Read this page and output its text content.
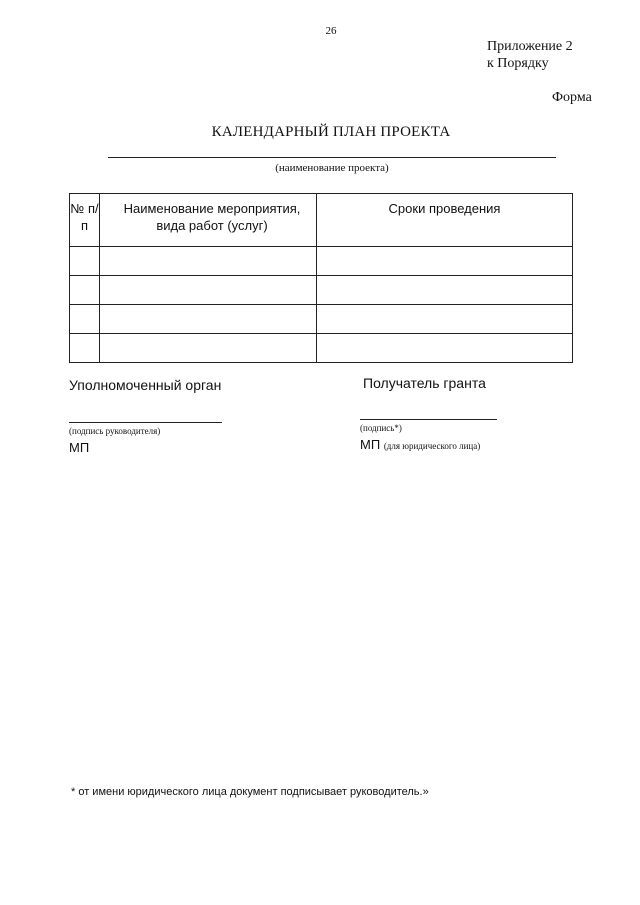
26
Приложение 2
к Порядку
Форма
КАЛЕНДАРНЫЙ ПЛАН ПРОЕКТА
(наименование проекта)
№ п/п	Наименование мероприятия, вида работ (услуг)	Сроки проведения

Уполномоченный орган
(подпись руководителя)
МП
Получатель гранта
(подпись*)
МП (для юридического лица)
* от имени юридического лица документ подписывает руководитель.»
